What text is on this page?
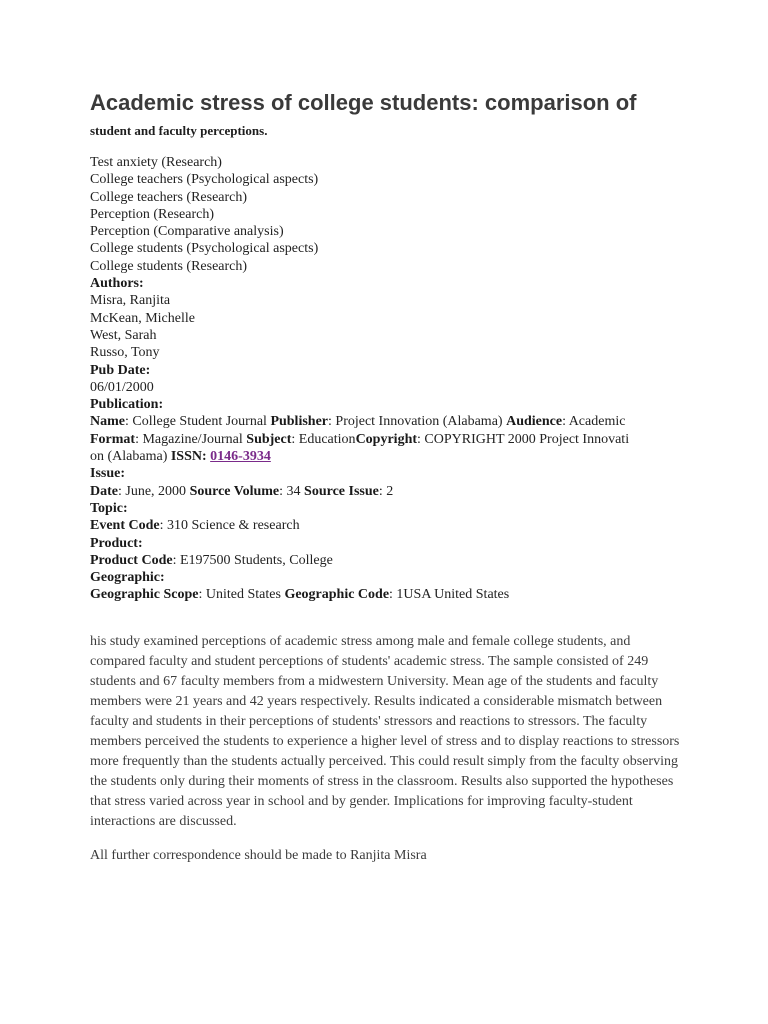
Academic stress of college students: comparison of
student and faculty perceptions.
Test anxiety (Research)
College teachers (Psychological aspects)
College teachers (Research)
Perception (Research)
Perception (Comparative analysis)
College students (Psychological aspects)
College students (Research)
Authors:
Misra, Ranjita
McKean, Michelle
West, Sarah
Russo, Tony
Pub Date:
06/01/2000
Publication:
Name: College Student Journal Publisher: Project Innovation (Alabama) Audience: Academic
Format: Magazine/Journal Subject: EducationCopyright: COPYRIGHT 2000 Project Innovati
on (Alabama) ISSN: 0146-3934
Issue:
Date: June, 2000 Source Volume: 34 Source Issue: 2
Topic:
Event Code: 310 Science & research
Product:
Product Code: E197500 Students, College
Geographic:
Geographic Scope: United States Geographic Code: 1USA United States

his study examined perceptions of academic stress among male and female college students, and compared faculty and student perceptions of students' academic stress. The sample consisted of 249 students and 67 faculty members from a midwestern University. Mean age of the students and faculty members were 21 years and 42 years respectively. Results indicated a considerable mismatch between faculty and students in their perceptions of students' stressors and reactions to stressors. The faculty members perceived the students to experience a higher level of stress and to display reactions to stressors more frequently than the students actually perceived. This could result simply from the faculty observing the students only during their moments of stress in the classroom. Results also supported the hypotheses that stress varied across year in school and by gender. Implications for improving faculty-student interactions are discussed.

All further correspondence should be made to Ranjita Misra
